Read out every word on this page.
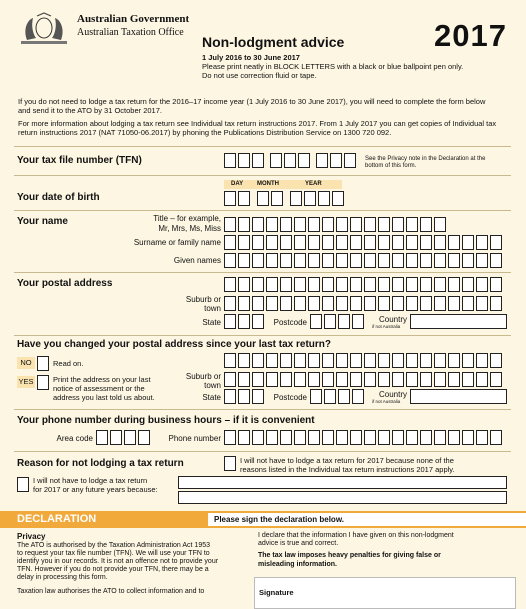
Australian Government
Australian Taxation Office
Non-lodgment advice	2017
1 July 2016 to 30 June 2017
Please print neatly in BLOCK LETTERS with a black or blue ballpoint pen only.
Do not use correction fluid or tape.
If you do not need to lodge a tax return for the 2016–17 income year (1 July 2016 to 30 June 2017), you will need to complete the form below and send it to the ATO by 31 October 2017.
For more information about lodging a tax return see Individual tax return instructions 2017. From 1 July 2017 you can get copies of Individual tax return instructions 2017 (NAT 71050-06.2017) by phoning the Publications Distribution Service on 1300 720 092.
Your tax file number (TFN)	See the Privacy note in the Declaration at the bottom of this form.
DAY MONTH	YEAR
Your date of birth
Your name	Title – for example,
Mr, Mrs, Ms, Miss
Surname or family name
Given names
Your postal address
Suburb or
town
State	Postcode	Country
if not Australia
Have you changed your postal address since your last tax return?
NO	Read on.
YES	Print the address on your last
notice of assessment or the
address you last told us about.
Suburb or
town
State	Postcode	Country
if not Australia
Your phone number during business hours – if it is convenient
Area code	Phone number
Reason for not lodging a tax return	I will not have to lodge a tax return for 2017 because none of the
reasons listed in the Individual tax return instructions 2017 apply.
I will not have to lodge a tax return
for 2017 or any future years because:
DECLARATION	Please sign the declaration below.
Privacy
The ATO is authorised by the Taxation Administration Act 1953
to request your tax file number (TFN). We will use your TFN to
identify you in our records. It is not an offence not to provide your
TFN. However if you do not provide your TFN, there may be a
delay in processing this form.
Taxation law authorises the ATO to collect information and to
I declare that the information I have given on this non-lodgment
advice is true and correct.
The tax law imposes heavy penalties for giving false or
misleading information.
Signature
